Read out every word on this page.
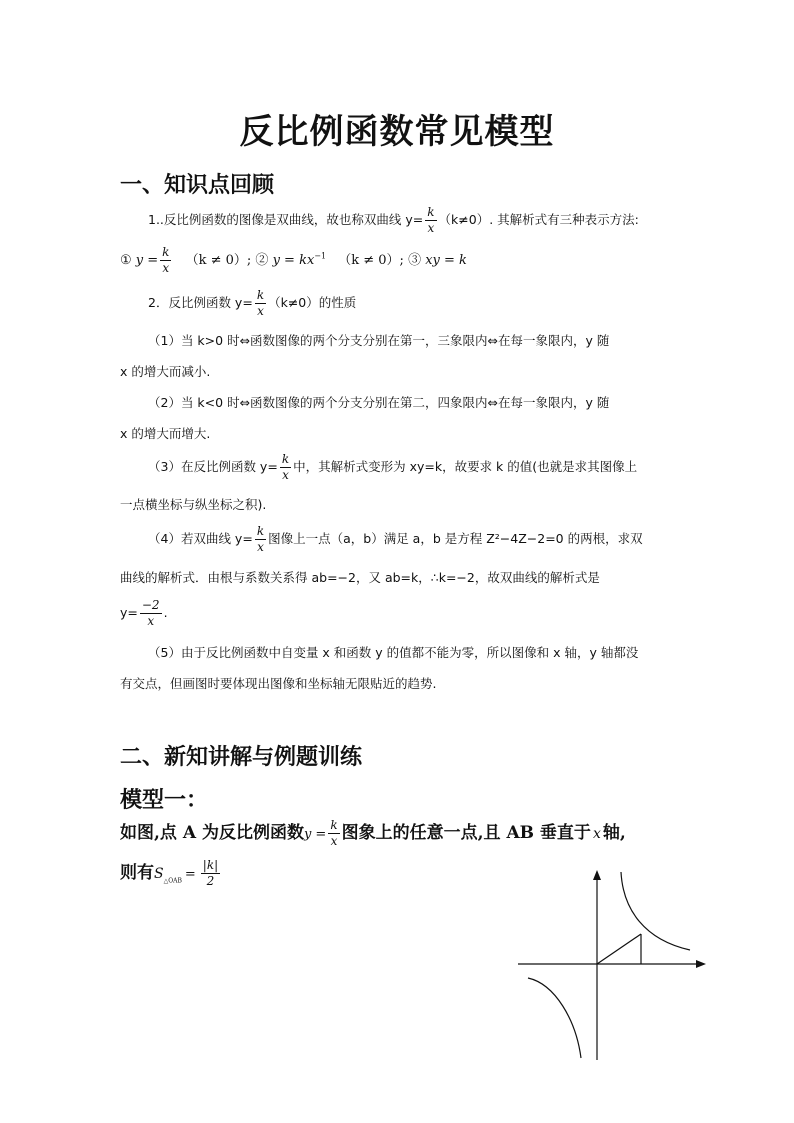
反比例函数常见模型
一、知识点回顾
1..反比例函数的图像是双曲线，故也称双曲线 $y= \frac{k}{x} (k\ne 0)$. 其解析式有三种表示方法:
① $y = \frac{k}{x} (k \ne 0)$; ② $y = kx^{-1}$ （k ≠ 0）; ③ xy = k
2．反比例函数 $y= \frac{k}{x} (k\ne 0)$的性质
（1）当 k>0 时⇔函数图像的两个分支分别在第一，三象限内⇔在每一象限内，y 随
x 的增大而减小.
（2）当 k<0 时⇔函数图像的两个分支分别在第二，四象限内⇔在每一象限内，y 随
x 的增大而增大.
（3）在反比例函数 $y= \frac{k}{x}$ 中，其解析式变形为 xy=k，故要求 k 的值(也就是求其图像上
一点横坐标与纵坐标之积).
（4）若双曲线 $y= \frac{k}{x}$ 图像上一点（a，b）满足 a，b 是方程 Z²−4Z−2=0 的两根，求双
曲线的解析式．由根与系数关系得 ab=−2，又 ab=k，∴k=−2，故双曲线的解析式是
$y= \frac{-2}{x}$ .
（5）由于反比例函数中自变量 x 和函数 y 的值都不能为零，所以图像和 x 轴，y 轴都没
有交点，但画图时要体现出图像和坐标轴无限贴近的趋势.
二、新知讲解与例题训练
模型一：
如图,点 A 为反比例函数$y = \frac{k}{x}$ 图象上的任意一点,且 AB 垂直于 x 轴,
则有$S_{\triangle OAB} = \frac{|k|}{2}$
